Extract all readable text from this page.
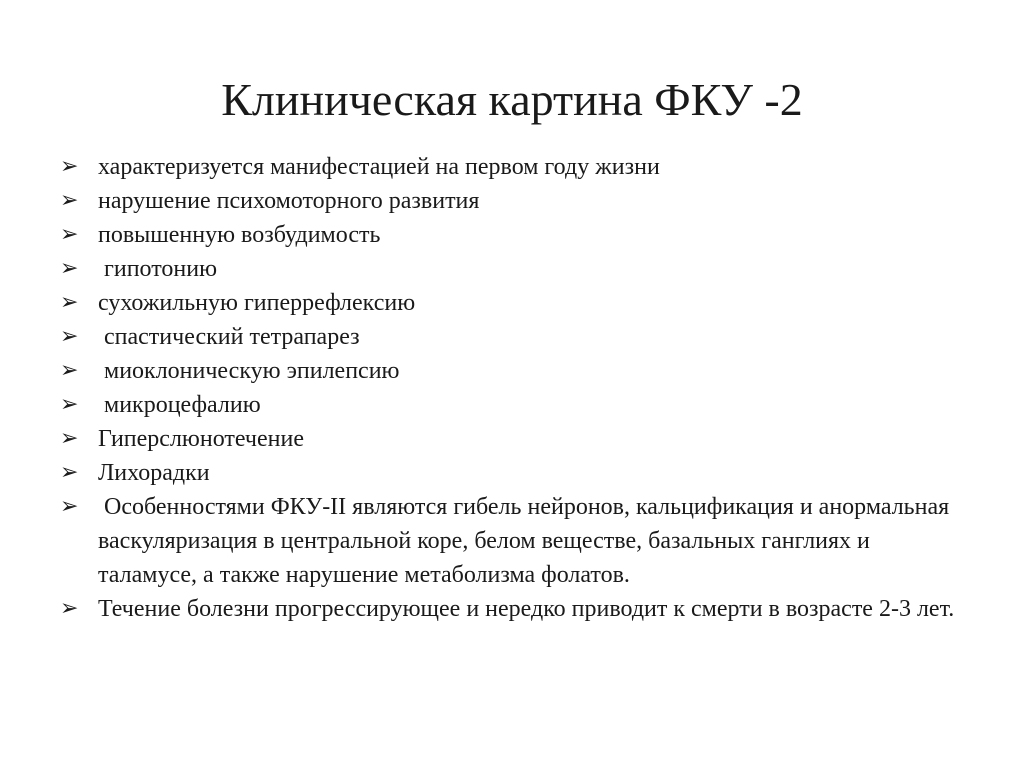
Клиническая картина ФКУ -2
➢ характеризуется манифестацией на первом году жизни
➢ нарушение психомоторного развития
➢ повышенную возбудимость
➢ гипотонию
➢ сухожильную гиперрефлексию
➢ спастический тетрапарез
➢ миоклоническую эпилепсию
➢ микроцефалию
➢ Гиперслюнотечение
➢ Лихорадки
➢ Особенностями ФКУ-II являются гибель нейронов, кальцификация и анормальная васкуляризация в центральной коре, белом веществе, базальных ганглиях и таламусе, а также нарушение метаболизма фолатов.
➢ Течение болезни прогрессирующее и нередко приводит к смерти в возрасте 2-3 лет.
